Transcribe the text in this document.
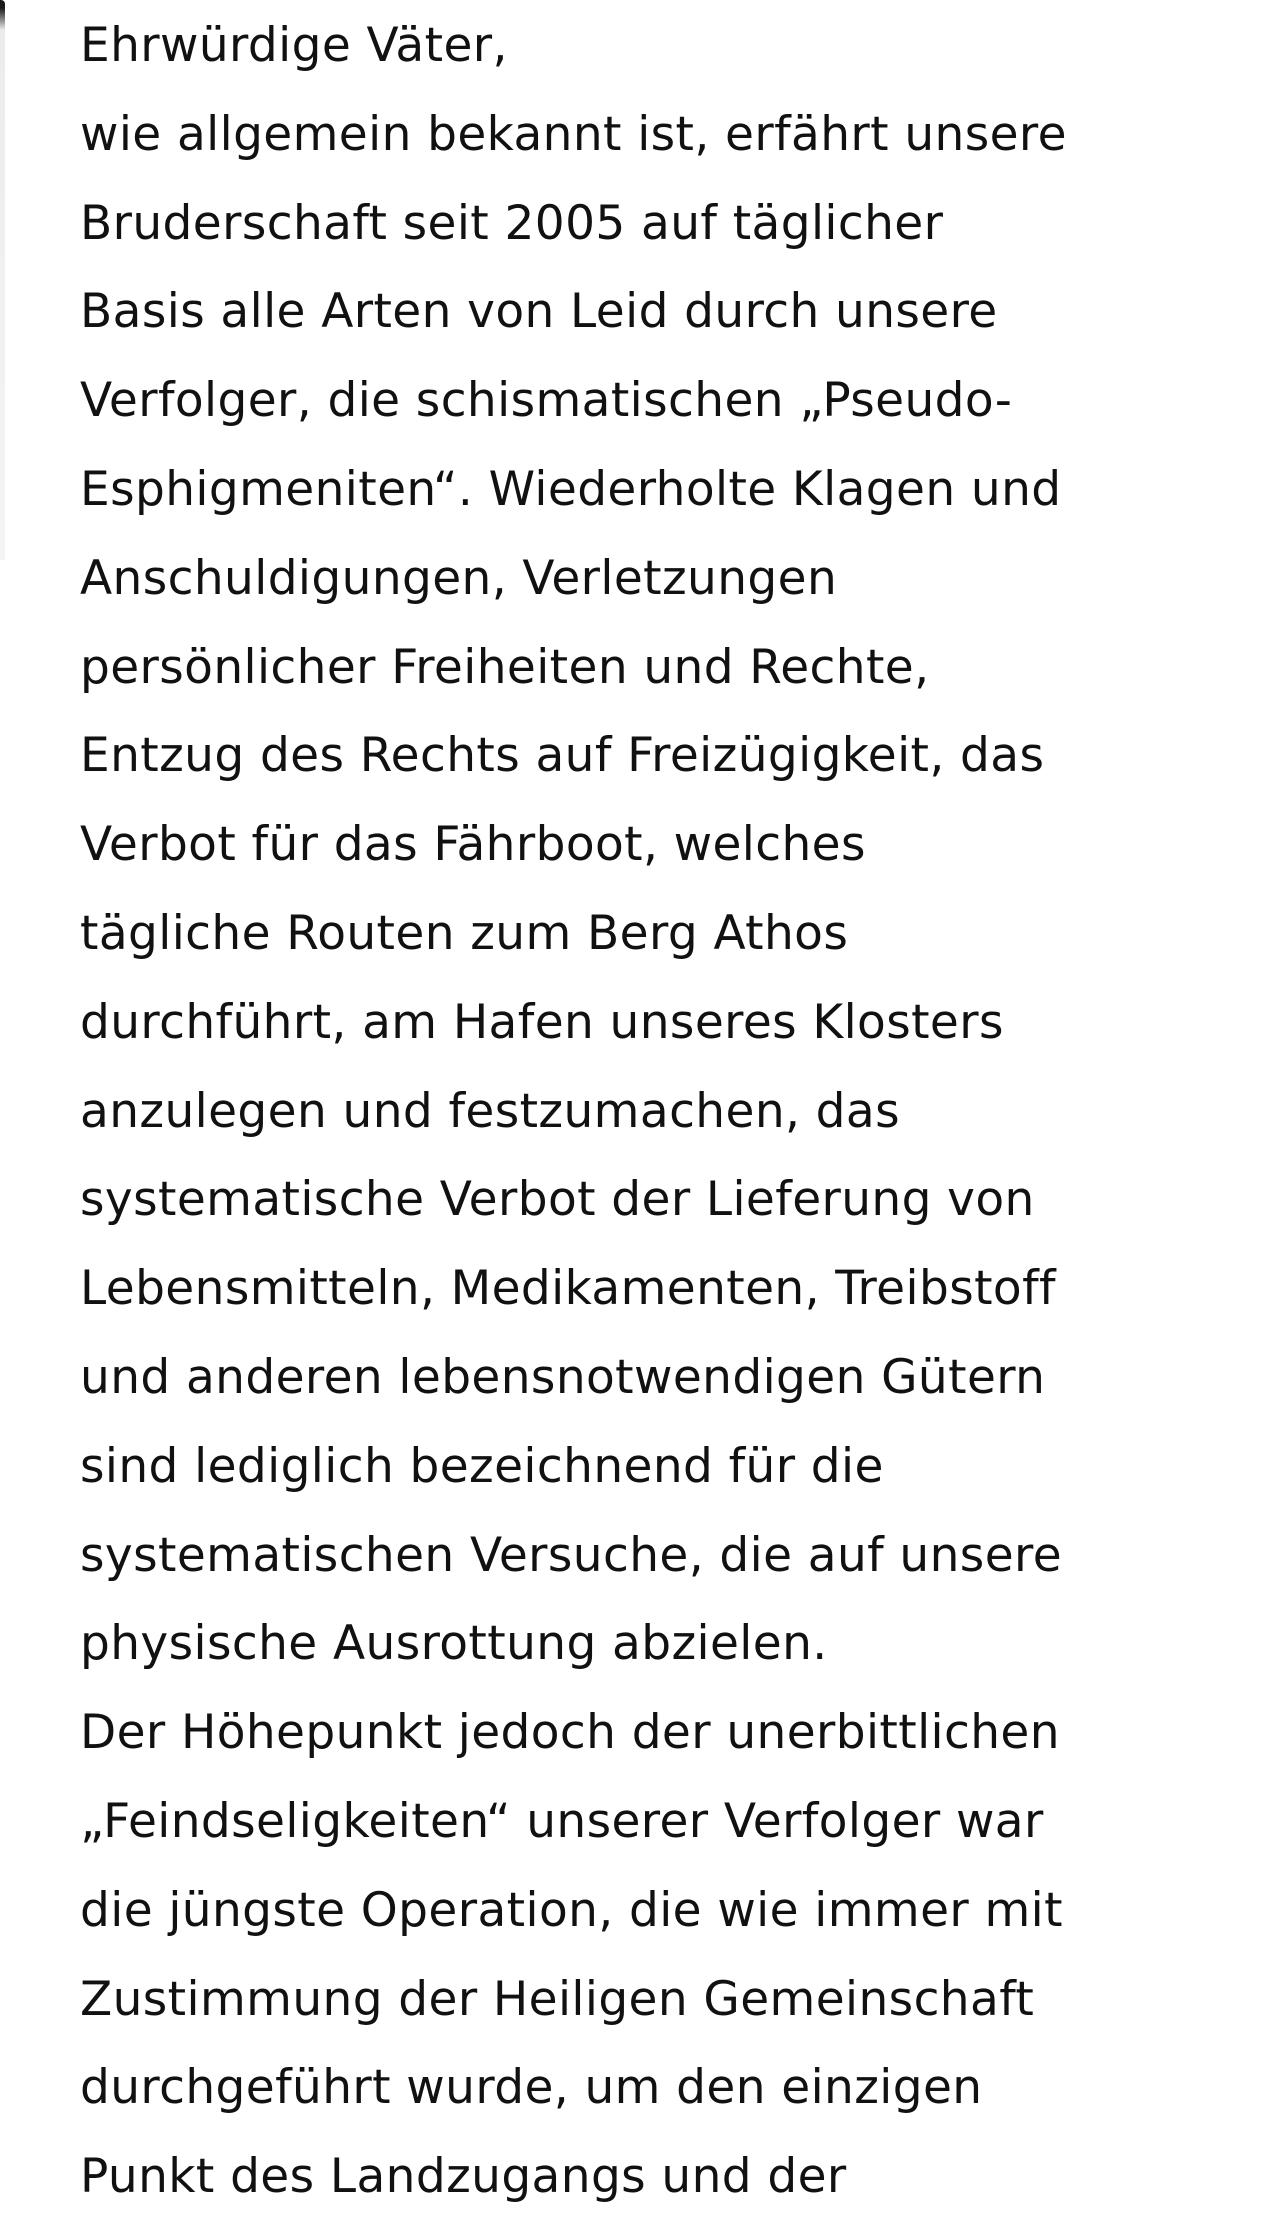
Ehrwürdige Väter,
wie allgemein bekannt ist, erfährt unsere
Bruderschaft seit 2005 auf täglicher
Basis alle Arten von Leid durch unsere
Verfolger, die schismatischen „Pseudo-
Esphigmeniten“. Wiederholte Klagen und
Anschuldigungen, Verletzungen
persönlicher Freiheiten und Rechte,
Entzug des Rechts auf Freizügigkeit, das
Verbot für das Fährboot, welches
tägliche Routen zum Berg Athos
durchführt, am Hafen unseres Klosters
anzulegen und festzumachen, das
systematische Verbot der Lieferung von
Lebensmitteln, Medikamenten, Treibstoff
und anderen lebensnotwendigen Gütern
sind lediglich bezeichnend für die
systematischen Versuche, die auf unsere
physische Ausrottung abzielen.
Der Höhepunkt jedoch der unerbittlichen
„Feindseligkeiten“ unserer Verfolger war
die jüngste Operation, die wie immer mit
Zustimmung der Heiligen Gemeinschaft
durchgeführt wurde, um den einzigen
Punkt des Landzugangs und der
